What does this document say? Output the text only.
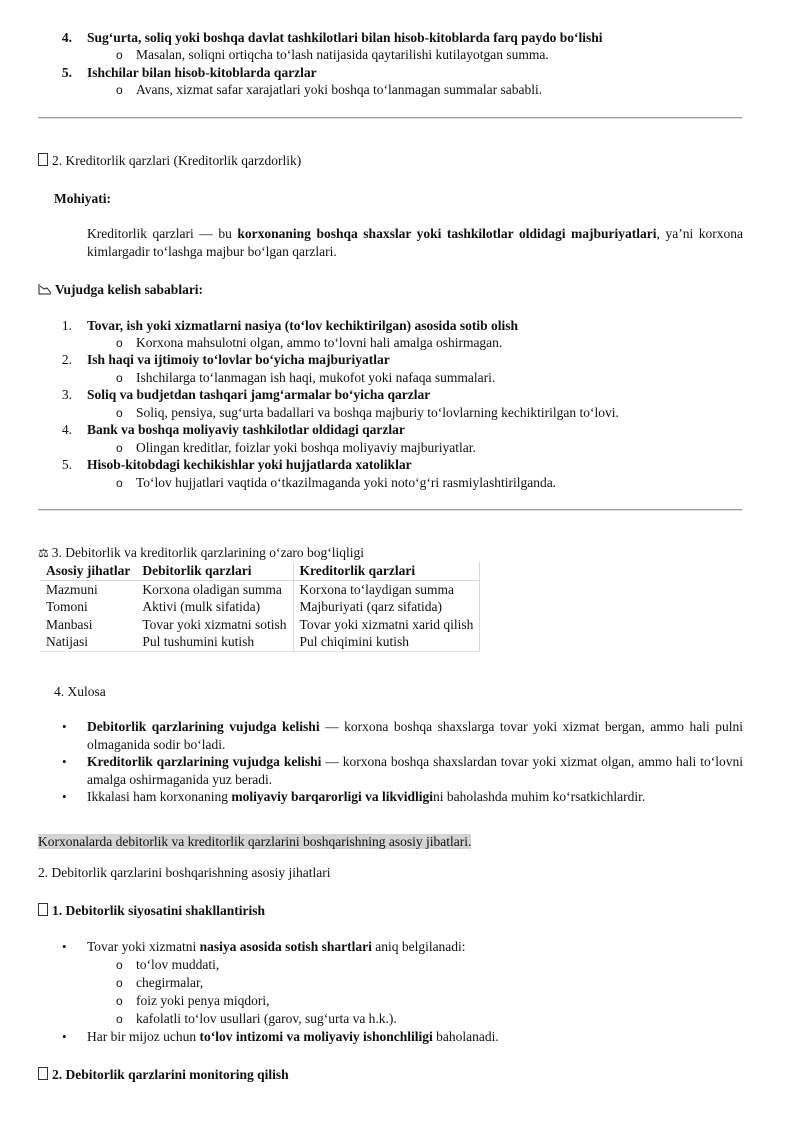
4. Sug‘urta, soliq yoki boshqa davlat tashkilotlari bilan hisob-kitoblarda farq paydo bo‘lishi
o Masalan, soliqni ortiqcha to‘lash natijasida qaytarilishi kutilayotgan summa.
5. Ishchilar bilan hisob-kitoblarda qarzlar
o Avans, xizmat safar xarajatlari yoki boshqa to‘lanmagan summalar sababli.
2. Kreditorlik qarzlari (Kreditorlik qarzdorlik)
Mohiyati:
Kreditorlik qarzlari — bu korxonaning boshqa shaxslar yoki tashkilotlar oldidagi majburiyatlari, ya’ni korxona kimlargadir to‘lashga majbur bo‘lgan qarzlari.
Vujudga kelish sabablari:
1. Tovar, ish yoki xizmatlarni nasiya (to‘lov kechiktirilgan) asosida sotib olish
o Korxona mahsulotni olgan, ammo to‘lovni hali amalga oshirmagan.
2. Ish haqi va ijtimoiy to‘lovlar bo‘yicha majburiyatlar
o Ishchilarga to‘lanmagan ish haqi, mukofot yoki nafaqa summalari.
3. Soliq va budjetdan tashqari jamg‘armalar bo‘yicha qarzlar
o Soliq, pensiya, sug‘urta badallari va boshqa majburiy to‘lovlarning kechiktirilgan to‘lovi.
4. Bank va boshqa moliyaviy tashkilotlar oldidagi qarzlar
o Olingan kreditlar, foizlar yoki boshqa moliyaviy majburiyatlar.
5. Hisob-kitobdagi kechikishlar yoki hujjatlarda xatoliklar
o To‘lov hujjatlari vaqtida o‘tkazilmaganda yoki noto‘g‘ri rasmiylashtirilganda.
⚖ 3. Debitorlik va kreditorlik qarzlarining o‘zaro bog‘liqligi
Asosiy jihatlar	Debitorlik qarzlari	Kreditorlik qarzlari
Mazmuni	Korxona oladigan summa	Korxona to‘laydigan summa
Tomoni	Aktivi (mulk sifatida)	Majburiyati (qarz sifatida)
Manbasi	Tovar yoki xizmatni sotish	Tovar yoki xizmatni xarid qilish
Natijasi	Pul tushumini kutish	Pul chiqimini kutish
4. Xulosa
• Debitorlik qarzlarining vujudga kelishi — korxona boshqa shaxslarga tovar yoki xizmat bergan, ammo hali pulni olmaganida sodir bo‘ladi.
• Kreditorlik qarzlarining vujudga kelishi — korxona boshqa shaxslardan tovar yoki xizmat olgan, ammo hali to‘lovni amalga oshirmaganida yuz beradi.
• Ikkalasi ham korxonaning moliyaviy barqarorligi va likvidligini baholashda muhim ko‘rsatkichlardir.
Korxonalarda debitorlik va kreditorlik qarzlarini boshqarishning asosiy jibatlari.
2. Debitorlik qarzlarini boshqarishning asosiy jihatlari
1. Debitorlik siyosatini shakllantirish
• Tovar yoki xizmatni nasiya asosida sotish shartlari aniq belgilanadi:
o to‘lov muddati,
o chegirmalar,
o foiz yoki penya miqdori,
o kafolatli to‘lov usullari (garov, sug‘urta va h.k.).
• Har bir mijoz uchun to‘lov intizomi va moliyaviy ishonchliligi baholanadi.
2. Debitorlik qarzlarini monitoring qilish
